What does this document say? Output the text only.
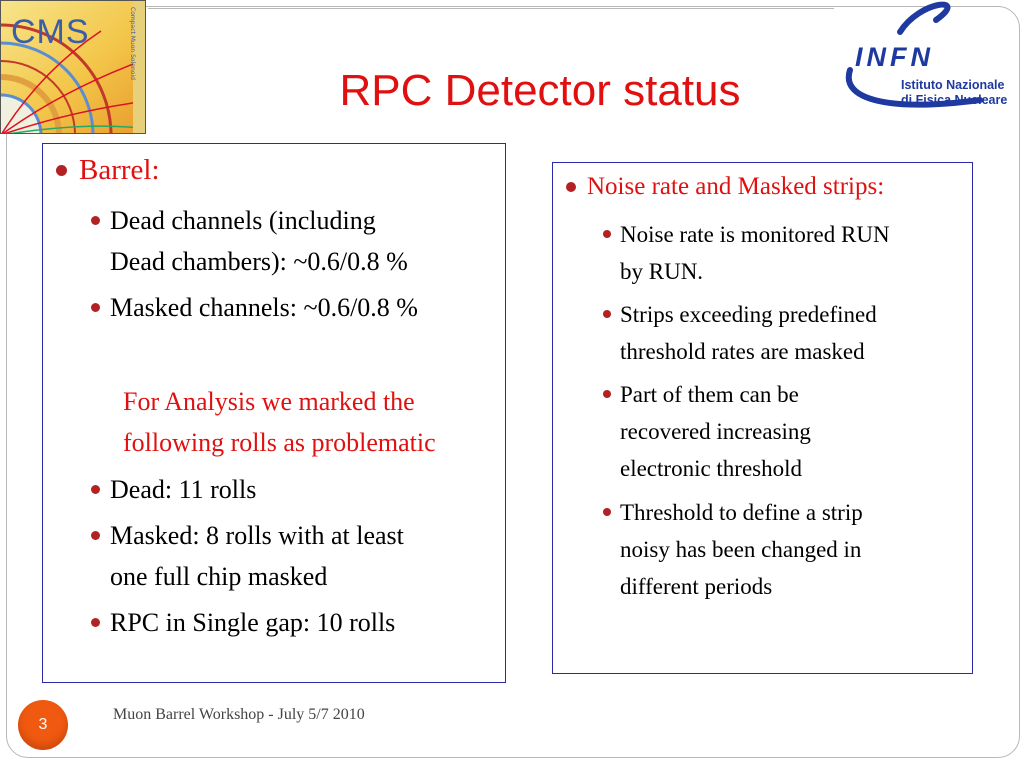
CMS	Compact Muon Solenoid	INFN
Istituto Nazionale
di Fisica Nucleare
RPC Detector status
Barrel:
Dead channels (including
Dead chambers): ~0.6/0.8 %
Masked channels: ~0.6/0.8 %
For Analysis we marked the
following rolls as problematic
Dead: 11 rolls
Masked: 8 rolls with at least
one full chip masked
RPC in Single gap: 10 rolls
Noise rate and Masked strips:
Noise rate is monitored RUN
by RUN.
Strips exceeding predefined
threshold rates are masked
Part of them can be
recovered increasing
electronic threshold
Threshold to define a strip
noisy has been changed in
different periods
3
Muon Barrel Workshop - July 5/7 2010
